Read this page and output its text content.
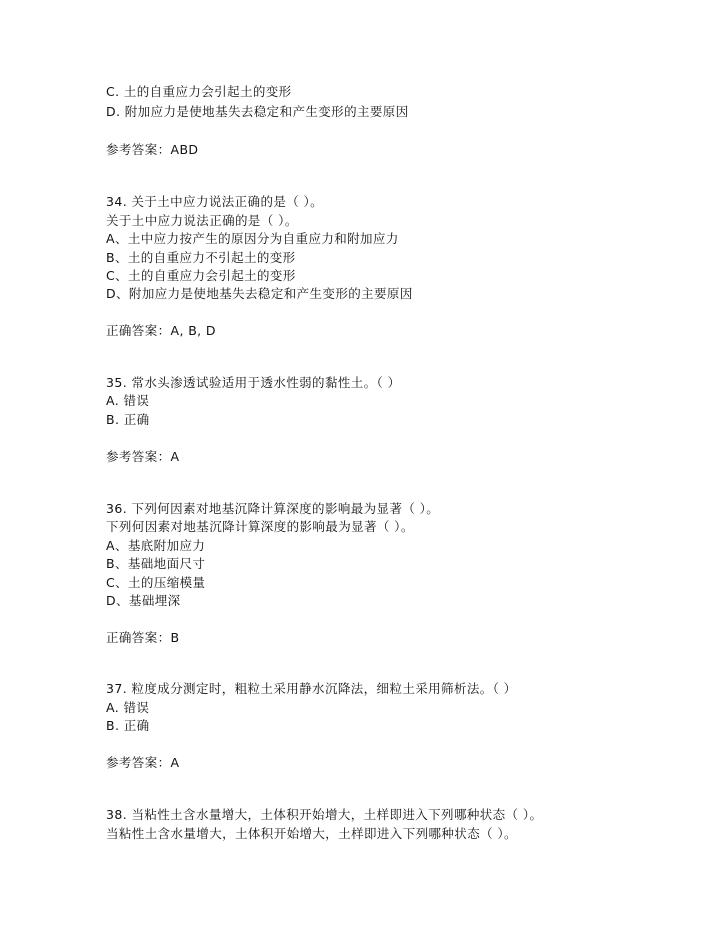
C. 土的自重应力会引起土的变形
D. 附加应力是使地基失去稳定和产生变形的主要原因
参考答案：ABD
34. 关于土中应力说法正确的是（ ）。
关于土中应力说法正确的是（ ）。
A、土中应力按产生的原因分为自重应力和附加应力
B、土的自重应力不引起土的变形
C、土的自重应力会引起土的变形
D、附加应力是使地基失去稳定和产生变形的主要原因
正确答案：A, B, D
35. 常水头渗透试验适用于透水性弱的黏性土。（ ）
A. 错误
B. 正确
参考答案：A
36. 下列何因素对地基沉降计算深度的影响最为显著（ ）。
下列何因素对地基沉降计算深度的影响最为显著（ ）。
A、基底附加应力
B、基础地面尺寸
C、土的压缩模量
D、基础埋深
正确答案：B
37. 粒度成分测定时，粗粒土采用静水沉降法，细粒土采用筛析法。（ ）
A. 错误
B. 正确
参考答案：A
38. 当粘性土含水量增大，土体积开始增大，土样即进入下列哪种状态（ ）。
当粘性土含水量增大，土体积开始增大，土样即进入下列哪种状态（ ）。
